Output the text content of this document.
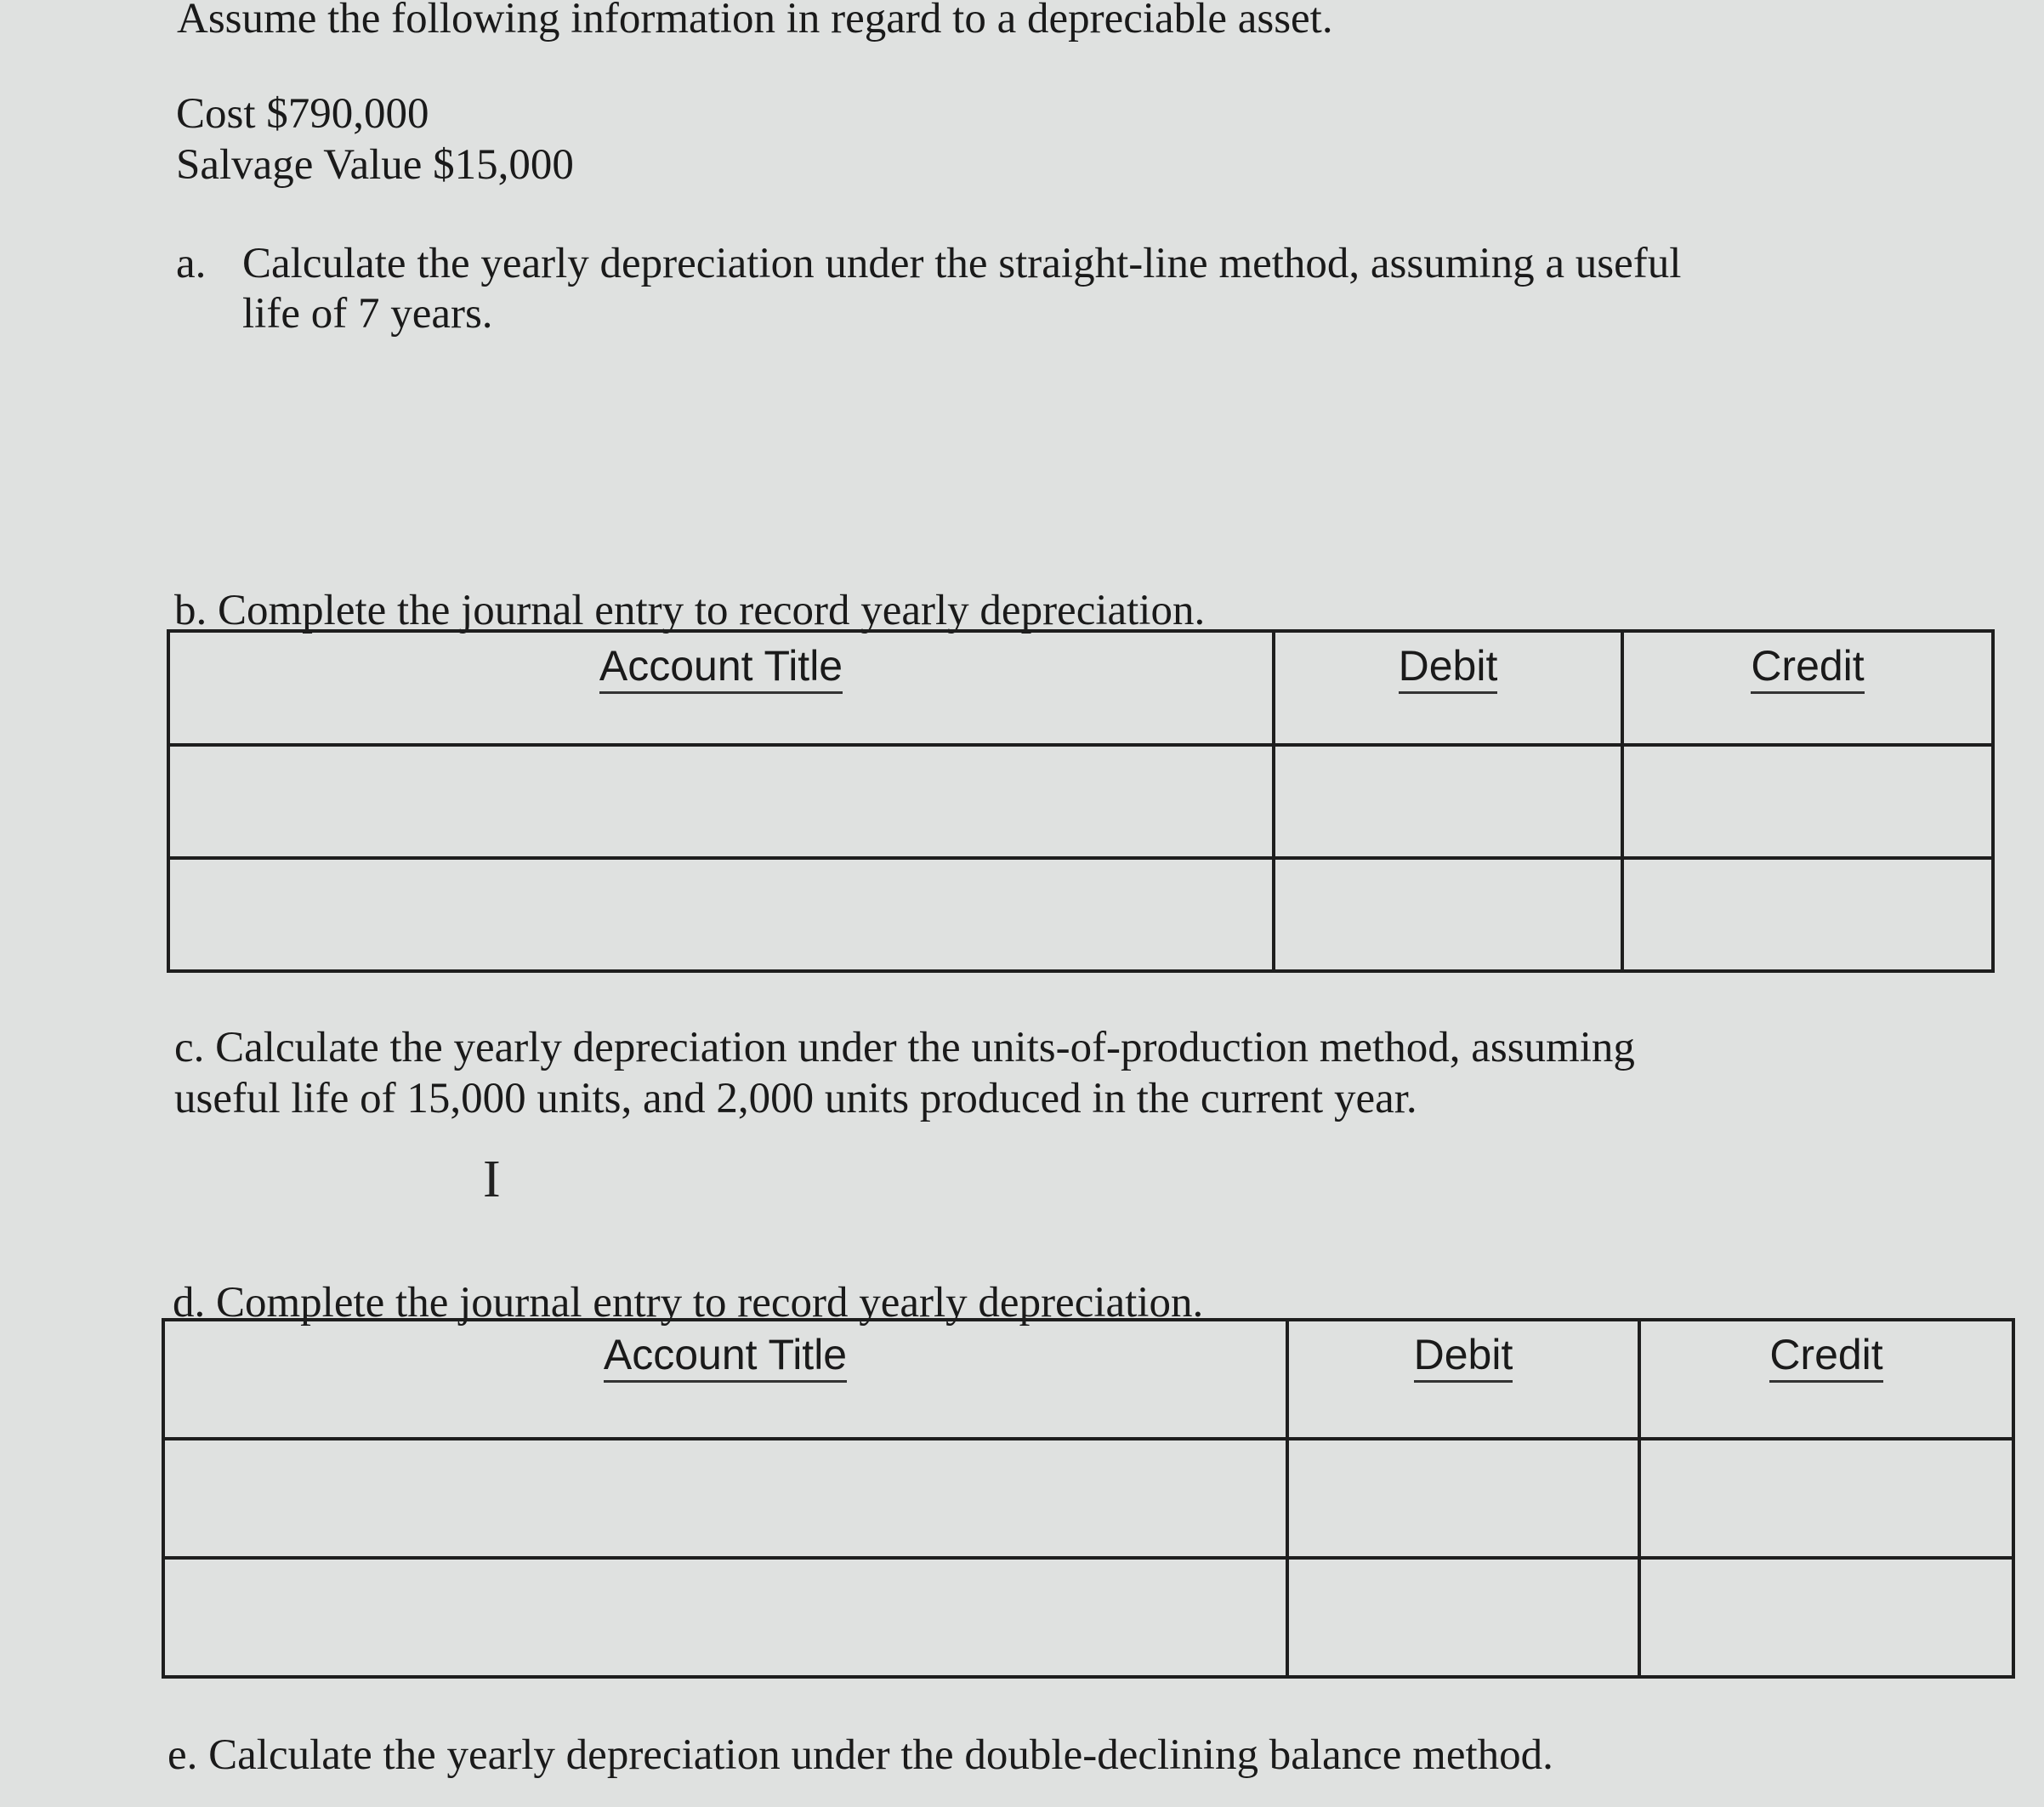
Assume the following information in regard to a depreciable asset.
Cost $790,000
Salvage Value $15,000
a. Calculate the yearly depreciation under the straight-line method, assuming a useful
life of 7 years.
b. Complete the journal entry to record yearly depreciation.
Account Title	Debit	Credit

c. Calculate the yearly depreciation under the units-of-production method, assuming
useful life of 15,000 units, and 2,000 units produced in the current year.
I
d. Complete the journal entry to record yearly depreciation.
Account Title	Debit	Credit

e. Calculate the yearly depreciation under the double-declining balance method.
